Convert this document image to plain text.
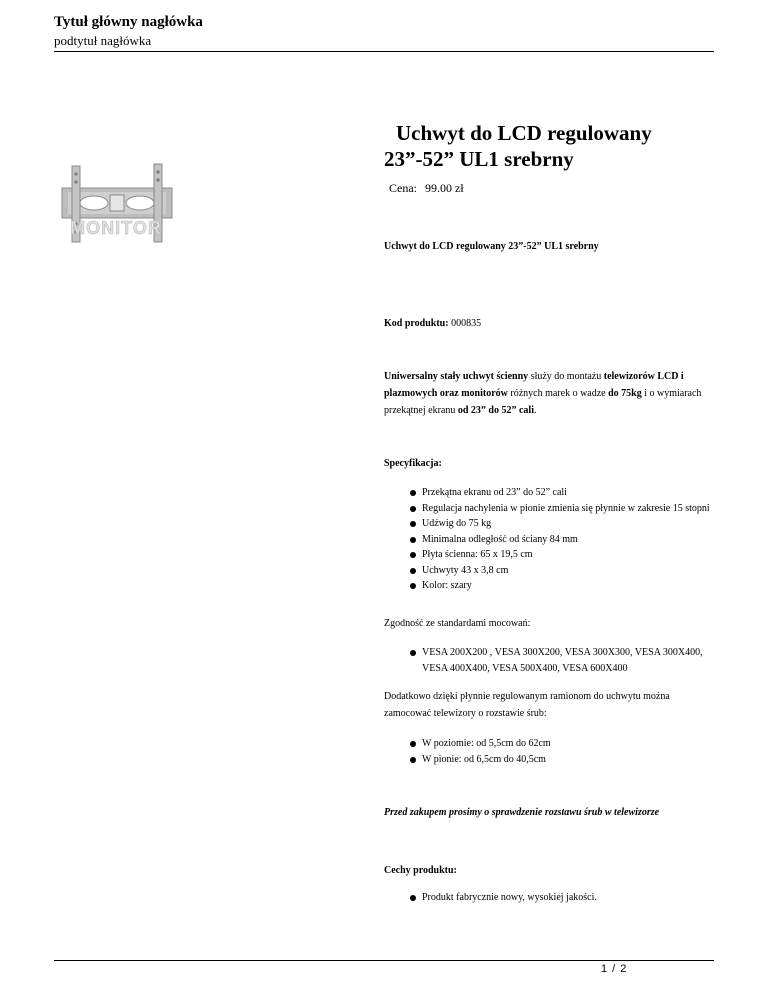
Tytuł główny nagłówka
podtytuł nagłówka
MONITOR
Uchwyt do LCD regulowany
23”-52” UL1 srebrny
Cena: 99.00 zł
Uchwyt do LCD regulowany 23”-52” UL1 srebrny
Kod produktu: 000835
Uniwersalny stały uchwyt ścienny służy do montażu telewizorów LCD i plazmowych oraz monitorów różnych marek o wadze do 75kg i o wymiarach przekątnej ekranu od 23” do 52” cali.
Specyfikacja:
Przekątna ekranu od 23” do 52” cali
Regulacja nachylenia w pionie zmienia się płynnie w zakresie 15 stopni
Udźwig do 75 kg
Minimalna odległość od ściany 84 mm
Płyta ścienna: 65 x 19,5 cm
Uchwyty 43 x 3,8 cm
Kolor: szary
Zgodność ze standardami mocowań:
VESA 200X200 , VESA 300X200, VESA 300X300, VESA 300X400, VESA 400X400, VESA 500X400, VESA 600X400
Dodatkowo dzięki płynnie regulowanym ramionom do uchwytu można zamocować telewizory o rozstawie śrub:
W poziomie: od 5,5cm do 62cm
W pionie: od 6,5cm do 40,5cm
Przed zakupem prosimy o sprawdzenie rozstawu śrub w telewizorze
Cechy produktu:
Produkt fabrycznie nowy, wysokiej jakości.
1 / 2
